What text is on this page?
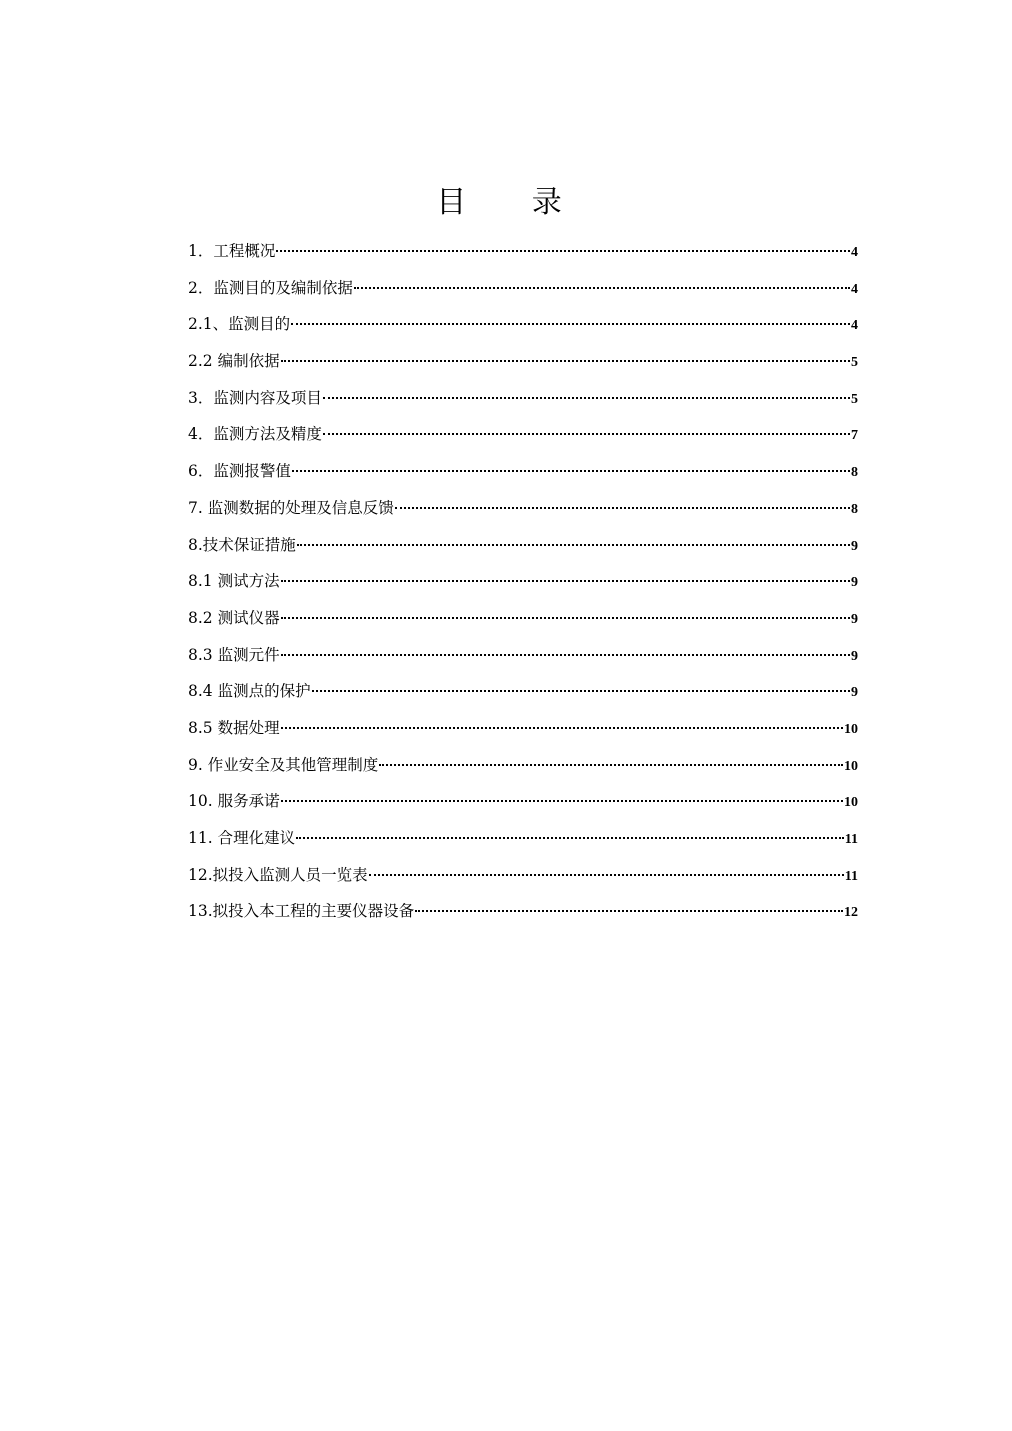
目 录
1．工程概况	4
2．监测目的及编制依据	4
2.1、监测目的	4
2.2 编制依据	5
3．监测内容及项目	5
4．监测方法及精度	7
6．监测报警值	8
7. 监测数据的处理及信息反馈	8
8.技术保证措施	9
8.1 测试方法	9
8.2 测试仪器	9
8.3 监测元件	9
8.4 监测点的保护	9
8.5 数据处理	10
9. 作业安全及其他管理制度	10
10. 服务承诺	10
11. 合理化建议	11
12.拟投入监测人员一览表	11
13.拟投入本工程的主要仪器设备	12
